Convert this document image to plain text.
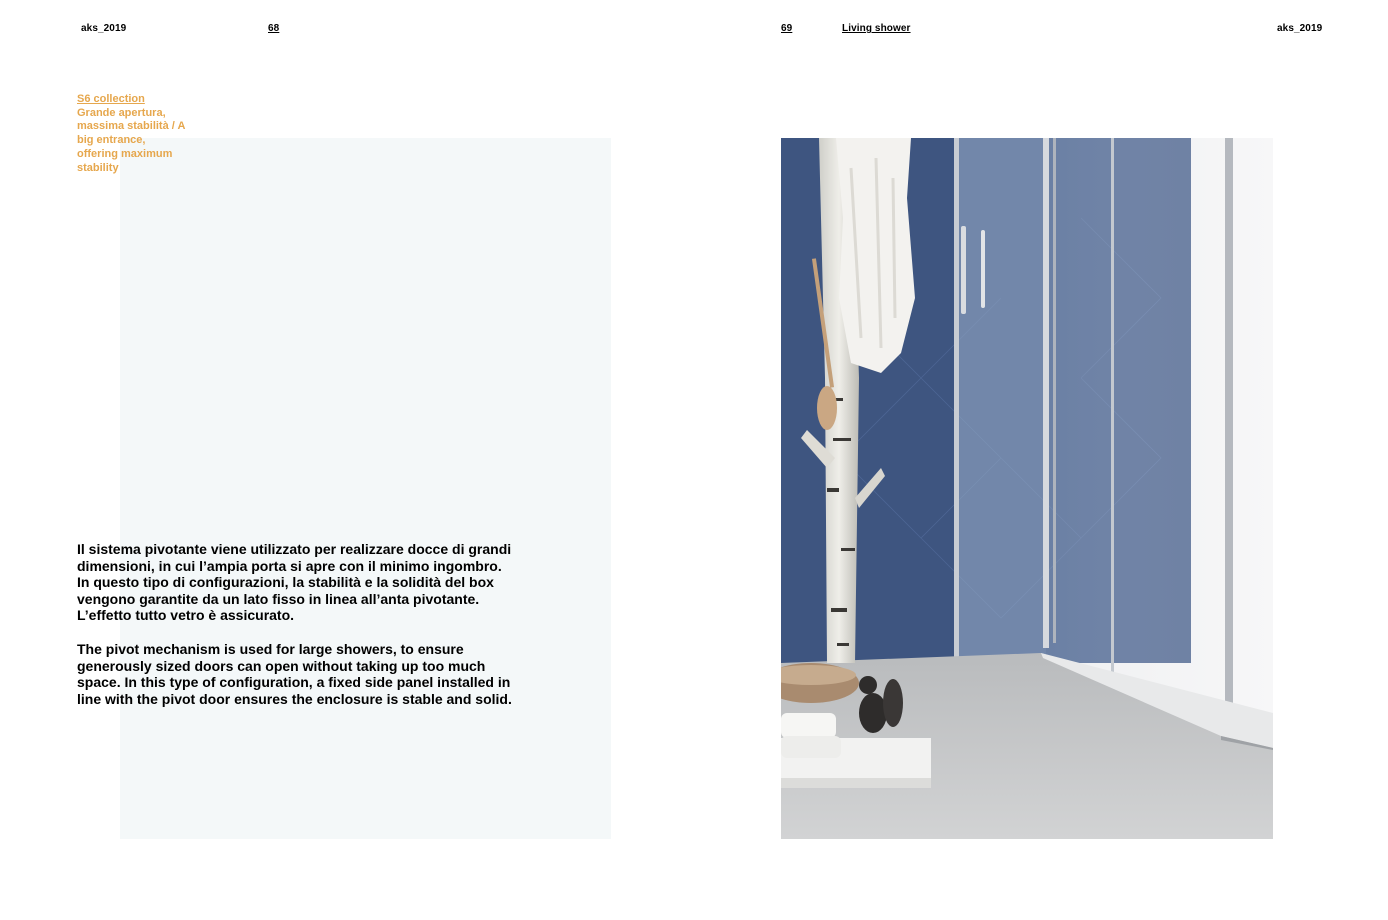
aks_2019	68	69	Living shower	aks_2019
S6 collection
Grande apertura, massima stabilità / A big entrance, offering maximum stability
Il sistema pivotante viene utilizzato per realizzare docce di grandi dimensioni, in cui l’ampia porta si apre con il minimo ingombro. In questo tipo di configurazioni, la stabilità e la solidità del box vengono garantite da un lato fisso in linea all’anta pivotante. L’effetto tutto vetro è assicurato.
The pivot mechanism is used for large showers, to ensure generously sized doors can open without taking up too much space. In this type of configuration, a fixed side panel installed in line with the pivot door ensures the enclosure is stable and solid.
